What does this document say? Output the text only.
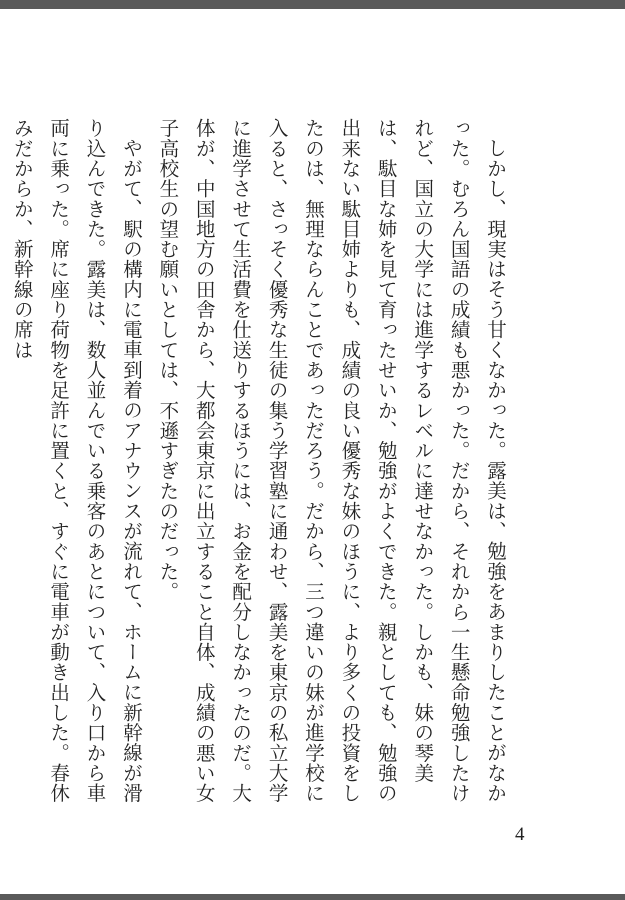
しかし、現実はそう甘くなかった。露美は、勉強をあまりしたことがなかった。むろん国語の成績も悪かった。だから、それから一生懸命勉強したけれど、国立の大学には進学するレベルに達せなかった。しかも、妹の琴美は、駄目な姉を見て育ったせいか、勉強がよくできた。親としても、勉強の出来ない駄目姉よりも、成績の良い優秀な妹のほうに、より多くの投資をしたのは、無理ならんことであっただろう。だから、三つ違いの妹が進学校に入ると、さっそく優秀な生徒の集う学習塾に通わせ、露美を東京の私立大学に進学させて生活費を仕送りするほうには、お金を配分しなかったのだ。大体が、中国地方の田舎から、大都会東京に出立すること自体、成績の悪い女子高校生の望む願いとしては、不遜すぎたのだった。

やがて、駅の構内に電車到着のアナウンスが流れて、ホームに新幹線が滑り込んできた。露美は、数人並んでいる乗客のあとについて、入り口から車両に乗った。席に座り荷物を足許に置くと、すぐに電車が動き出した。春休みだからか、新幹線の席は

4
